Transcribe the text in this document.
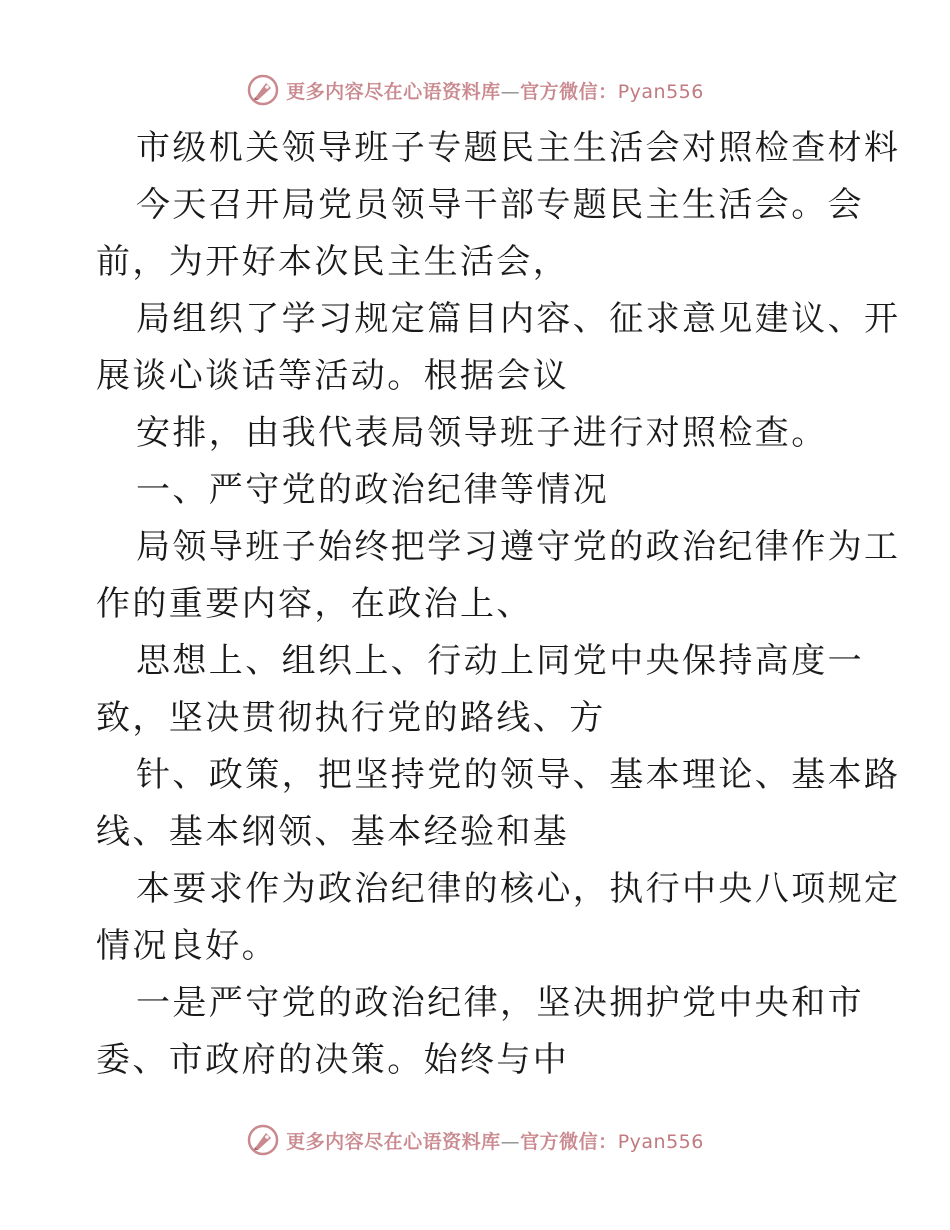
更多内容尽在心语资料库—官方微信：Pyan556
市级机关领导班子专题民主生活会对照检查材料
今天召开局党员领导干部专题民主生活会。会
前，为开好本次民主生活会，
局组织了学习规定篇目内容、征求意见建议、开
展谈心谈话等活动。根据会议
安排，由我代表局领导班子进行对照检查。
一、严守党的政治纪律等情况
局领导班子始终把学习遵守党的政治纪律作为工
作的重要内容，在政治上、
思想上、组织上、行动上同党中央保持高度一
致，坚决贯彻执行党的路线、方
针、政策，把坚持党的领导、基本理论、基本路
线、基本纲领、基本经验和基
本要求作为政治纪律的核心，执行中央八项规定
情况良好。
一是严守党的政治纪律，坚决拥护党中央和市
委、市政府的决策。始终与中
更多内容尽在心语资料库—官方微信：Pyan556
